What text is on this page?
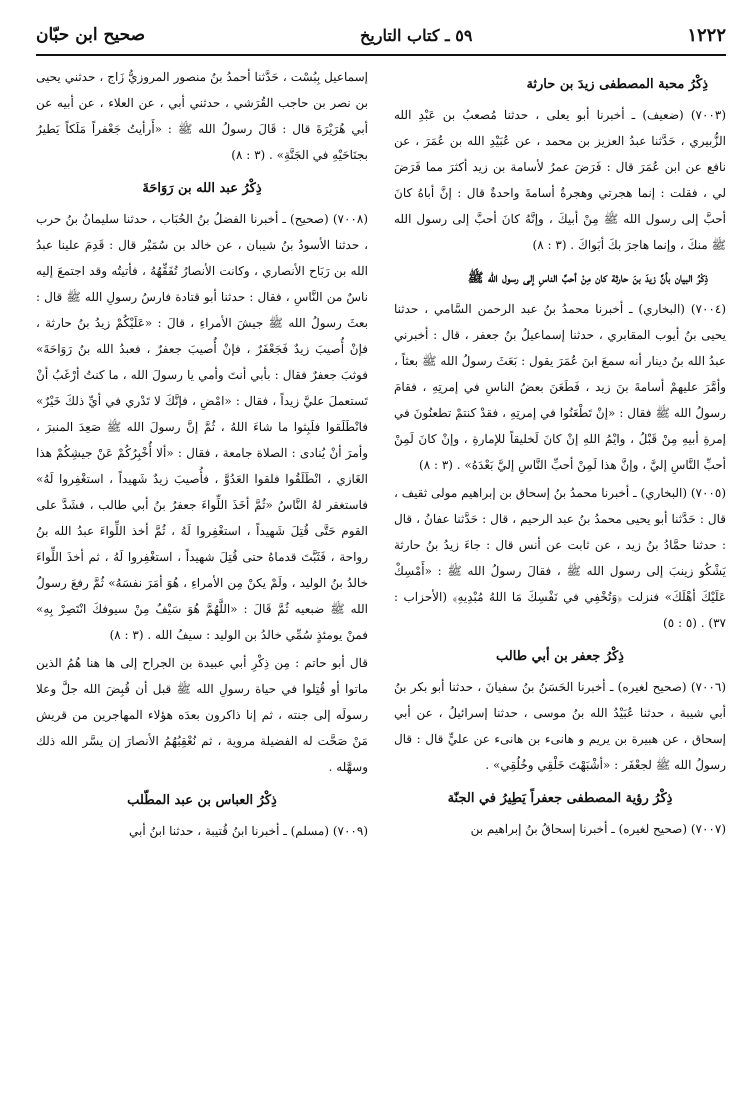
١٢٢٢
٥٩ ـ كتاب التاريخ
صحيح ابن حبّان
ذِكْرُ محبة المصطفى زيدَ بن حارثة
(٧٠٠٣) (ضعيف) ـ أخبرنا أبو يعلى ، حدثنا مُصعبُ بن عَبْدِ الله الزُّبيري ، حَدَّثنا عبدُ العزيز بن محمد ، عن عُبَيْدِ الله بن عُمَرَ ، عن نافع عن ابن عُمَرَ قال : فَرَضَ عمرُ لأسامة بن زيد أكثرَ مما فَرَضَ لي ، فقلت : إنما هجرتي وهجرةُ أسامةَ واحدةٌ قال : إنَّ أباهُ كانَ أحبَّ إلى رسول الله ﷺ مِنْ أبيكَ ، وإنَّهُ كانَ أحبَّ إلى رسول الله ﷺ منكَ ، وإنما هاجرَ بكَ أبَواكَ . (٣ : ٨)
ذِكْرُ البيان بأنَّ زيدَ بنَ حارثة كان مِنْ أحبِّ الناسِ إلى رسول الله ﷺ
(٧٠٠٤) (البخاري) ـ أخبرنا محمدُ بنُ عبد الرحمن السَّامي ، حدثنا يحيى بنُ أيوب المقابري ، حدثنا إسماعيلُ بنُ جعفر ، قال : أخبرني عبدُ الله بنُ دينار أنه سمعَ ابنَ عُمَرَ يقول : بَعَثَ رسولُ الله ﷺ بعثاً ، وأمَّرَ عليهمْ أسامةَ بنَ زيد ، فَطَعَنَ بعضُ الناسِ في إمرتِهِ ، فقامَ رسولُ الله ﷺ فقال : «إنْ تَطْعَنُوا في إمرتِهِ ، فقدْ كنتمْ تطعنُونَ في إمرةِ أبيهِ مِنْ قَبْلُ ، وايْمُ اللهِ إنْ كانَ لَخليقاً للإمارةِ ، وإنْ كانَ لَمِنْ أحبِّ النَّاسِ إليَّ ، وإنَّ هذا لَمِنْ أحبِّ النَّاسِ إليَّ بَعْدَهُ» . (٣ : ٨)
(٧٠٠٥) (البخاري) ـ أخبرنا محمدُ بنُ إسحاق بن إبراهيم مولى ثقيف ، قال : حَدَّثنا أبو يحيى محمدُ بنُ عبد الرحيم ، قال : حَدَّثنا عفانُ ، قال : حدثنا حمَّادُ بنُ زيد ، عن ثابت عن أنس قال : جاءَ زيدُ بنُ حارثة يَشْكُو زينبَ إلى رسول الله ﷺ ، فقالَ رسولُ الله ﷺ : «أَمْسِكْ عَلَيْكَ أهْلَكَ» فنزلت ﴿وَتُخْفِي في نَفْسِكَ مَا اللهُ مُبْدِيهِ﴾ (الأحزاب : ٣٧) . (٥ : ٥)
ذِكْرُ جعفر بن أبي طالب
(٧٠٠٦) (صحيح لغيره) ـ أخبرنا الحَسَنُ بنُ سفيانَ ، حدثنا أبو بكر بنُ أبي شيبة ، حدثنا عُبَيْدُ الله بنُ موسى ، حدثنا إسرائيلُ ، عن أبي إسحاق ، عن هبيرة بن يريم و هانىء بن هانىء عن عليٍّ قال : قال رسولُ الله ﷺ لجعْفَر : «أشْبَهْتَ خَلْقِي وخُلُقِي» .
ذِكْرُ رؤية المصطفى جعفراً يَطِيرُ في الجنّة
(٧٠٠٧) (صحيح لغيره) ـ أخبرنا إسحاقُ بنُ إبراهيم بن
إسماعيل بِبُسْت ، حَدَّثنا أحمدُ بنُ منصور المروزيُّ زَاج ، حدثني يحيى بن نصر بن حاجب القُرَشي ، حدثني أبي ، عن العلاء ، عن أبيه عن أبي هُرَيْرَةَ قال : قَالَ رسولُ الله ﷺ : «أَرأيتُ جَعْفراً مَلَكاً يَطيرُ بجنَاحَيْهِ في الجَنَّةِ» . (٣ : ٨)
ذِكْرُ عبد الله بن رَوَاحَةَ
(٧٠٠٨) (صحيح) ـ أخبرنا الفضلُ بنُ الحُبَاب ، حدثنا سليمانُ بنُ حرب ، حدثنا الأسودُ بنُ شيبان ، عن خالد بن سُمَيْر قال : قَدِمَ علينا عبدُ الله بن رَبَاح الأنصاري ، وكانت الأنصارُ تُفَقِّهُهُ ، فأتيتُه وقد اجتمعَ إليه ناسٌ من النَّاسِ ، فقال : حدثنا أبو قتادة فارسُ رسولِ الله ﷺ قال : بعثَ رسولُ الله ﷺ جيشَ الأمراءِ ، قالَ : «عَلَيْكُمْ زيدُ بنُ حارثة ، فإنْ أُصيبَ زيدٌ فَجَعْفَرٌ ، فإنْ أُصيبَ جعفرٌ ، فعبدُ الله بنُ رَوَاحَةَ» فوثبَ جعفرٌ فقال : بأبي أنتَ وأمي يا رسولَ الله ، ما كنتُ أرْغَبُ أنْ تَستعملَ عليَّ زيداً ، فقال : «امْضِ ، فإنَّكَ لا تَدْري في أيِّ ذلكَ خَيْرٌ» فانْطَلَقوا فلَبِثوا ما شاءَ اللهُ ، ثُمَّ إنَّ رسولَ الله ﷺ صَعِدَ المنبرَ ، وأمرَ أنْ يُنادى : الصلاة جامعة ، فقال : «ألا أُخْبِرُكُمْ عَنْ جيشِكُمْ هذا الغَازي ، انْطَلَقُوا فلقوا العَدُوَّ ، فأُصيبَ زيدٌ شَهيداً ، استغْفِروا لَهُ» فاستغفر لهُ النَّاسُ «ثُمَّ أخَذَ اللِّواءَ جعفرُ بنُ أبي طالب ، فشَدَّ على القوم حَتَّى قُتِلَ شَهيداً ، استغْفِروا لَهُ ، ثُمَّ أخذ اللِّواءَ عبدُ الله بنُ رواحة ، فَثَبَّتَ قدماهُ حتى قُتِلَ شهيداً ، استغْفِروا لَهُ ، ثم أخذَ اللِّواءَ خالدُ بنُ الوليد ، ولَمْ يكنْ مِن الأمراءِ ، هُوَ أمَرَ نفسَهُ» ثُمَّ رفعَ رسولُ الله ﷺ ضبعيه ثُمَّ قَالَ : «اللَّهُمَّ هُوَ سَيْفٌ مِنْ سيوفكَ انْتَصِرْ بِهِ» فمنْ يومئذٍ سُمِّي خالدُ بن الوليد : سيفُ الله . (٣ : ٨)
قال أبو حاتم : مِن ذِكْرِ أبي عبيدة بن الجراح إلى ها هنا هُمُ الذين ماتوا أو قُتِلوا في حياة رسولِ الله ﷺ قبل أن قُبِضَ الله جلَّ وعلا رسولَه إلى جنته ، ثم إنا ذاكرون بعدَه هؤلاء المهاجرين من قريش مَنْ صَحَّت له الفضيلة مروية ، ثم نُعْقِبُهُمُ الأنصارَ إن يسَّر الله ذلك وسهَّله .
ذِكْرُ العباس بن عبد المطّلب
(٧٠٠٩) (مسلم) ـ أخبرنا ابنُ قُتيبة ، حدثنا ابنُ أبي
